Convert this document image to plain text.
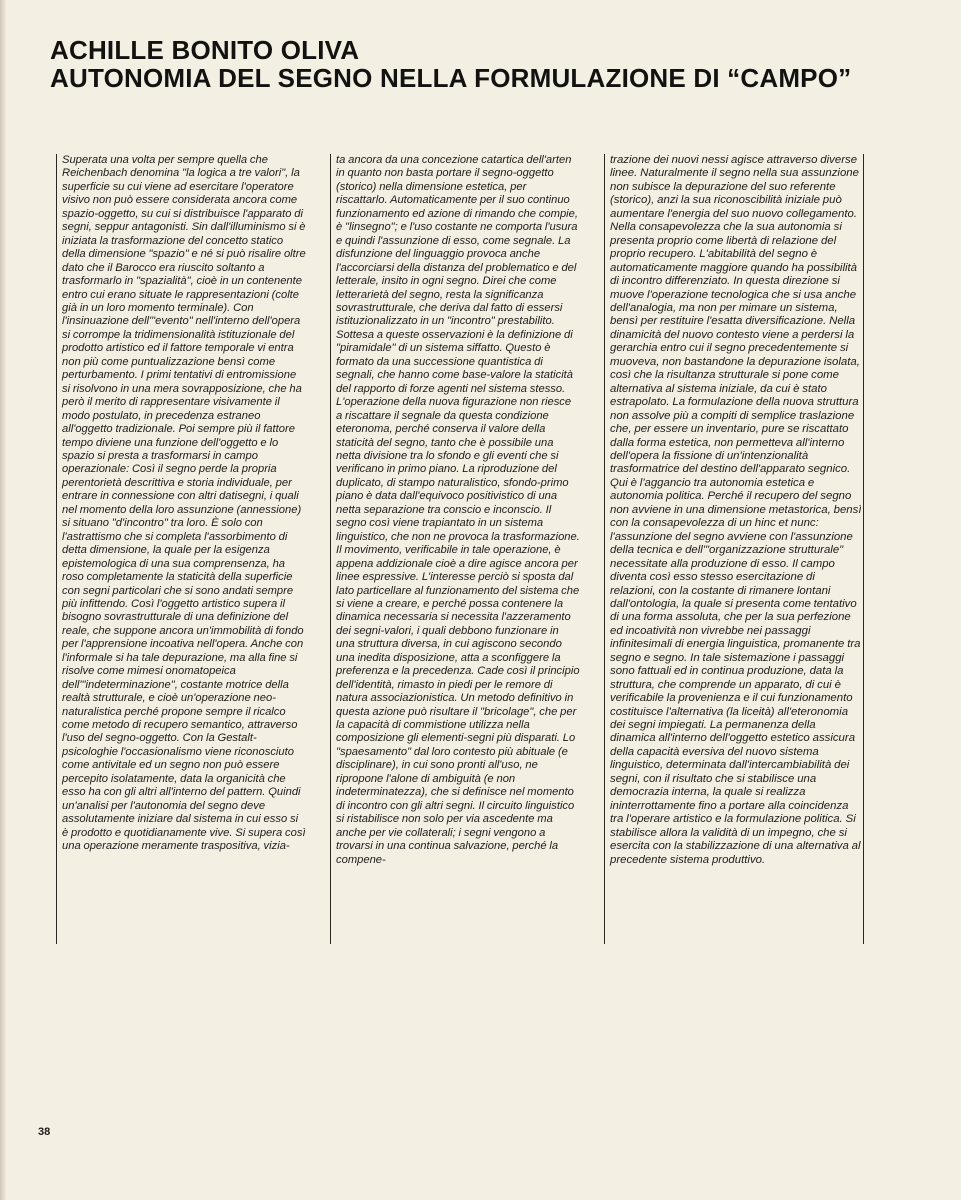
ACHILLE BONITO OLIVA
AUTONOMIA DEL SEGNO NELLA FORMULAZIONE DI “CAMPO”

Superata una volta per sempre quella che Reichenbach denomina "la logica a tre valori", la superficie su cui viene ad esercitare l'operatore visivo non può essere considerata ancora come spazio-oggetto, su cui si distribuisce l'apparato di segni, seppur antagonisti. Sin dall'illuminismo si è iniziata la trasformazione del concetto statico della dimensione "spazio" e né si può risalire oltre dato che il Barocco era riuscito soltanto a trasformarlo in "spazialità", cioè in un contenente entro cui erano situate le rappresentazioni (colte già in un loro momento terminale). Con l'insinuazione dell'"evento" nell'interno dell'opera si corrompe la tridimensionalità istituzionale del prodotto artistico ed il fattore temporale vi entra non più come puntualizzazione bensì come perturbamento. I primi tentativi di entromissione si risolvono in una mera sovrapposizione, che ha però il merito di rappresentare visivamente il modo postulato, in precedenza estraneo all'oggetto tradizionale. Poi sempre più il fattore tempo diviene una funzione dell'oggetto e lo spazio si presta a trasformarsi in campo operazionale: Così il segno perde la propria perentorietà descrittiva e storia individuale, per entrare in connessione con altri datisegni, i quali nel momento della loro assunzione (annessione) si situano "d'incontro" tra loro. È solo con l'astrattismo che si completa l'assorbimento di detta dimensione, la quale per la esigenza epistemologica di una sua comprensenza, ha roso completamente la staticità della superficie con segni particolari che si sono andati sempre più infittendo. Così l'oggetto artistico supera il bisogno sovrastrutturale di una definizione del reale, che suppone ancora un'immobilità di fondo per l'apprensione incoativa nell'opera. Anche con l'informale si ha tale depurazione, ma alla fine si risolve come mimesi onomatopeica dell'"indeterminazione", costante motrice della realtà strutturale, e cioè un'operazione neo-naturalistica perché propone sempre il ricalco come metodo di recupero semantico, attraverso l'uso del segno-oggetto. Con la Gestalt-psicologhie l'occasionalismo viene riconosciuto come antivitale ed un segno non può essere percepito isolatamente, data la organicità che esso ha con gli altri all'interno del pattern. Quindi un'analisi per l'autonomia del segno deve assolutamente iniziare dal sistema in cui esso si è prodotto e quotidianamente vive. Si supera così una operazione meramente traspositiva, vizia-

ta ancora da una concezione catartica dell'arten in quanto non basta portare il segno-oggetto (storico) nella dimensione estetica, per riscattarlo. Automaticamente per il suo continuo funzionamento ed azione di rimando che compie, è "linsegno"; e l'uso costante ne comporta l'usura e quindi l'assunzione di esso, come segnale. La disfunzione del linguaggio provoca anche l'accorciarsi della distanza del problematico e del letterale, insito in ogni segno. Direi che come letterarietà del segno, resta la significanza sovrastrutturale, che deriva dal fatto di essersi istituzionalizzato in un "incontro" prestabilito. Sottesa a queste osservazioni è la definizione di "piramidale" di un sistema siffatto. Questo è formato da una successione quantistica di segnali, che hanno come base-valore la staticità del rapporto di forze agenti nel sistema stesso. L'operazione della nuova figurazione non riesce a riscattare il segnale da questa condizione eteronoma, perché conserva il valore della staticità del segno, tanto che è possibile una netta divisione tra lo sfondo e gli eventi che si verificano in primo piano. La riproduzione del duplicato, di stampo naturalistico, sfondo-primo piano è data dall'equivoco positivistico di una netta separazione tra conscio e inconscio. Il segno così viene trapiantato in un sistema linguistico, che non ne provoca la trasformazione. Il movimento, verificabile in tale operazione, è appena addizionale cioè a dire agisce ancora per linee espressive. L'interesse perciò si sposta dal lato particellare al funzionamento del sistema che si viene a creare, e perché possa contenere la dinamica necessaria si necessita l'azzeramento dei segni-valori, i quali debbono funzionare in una struttura diversa, in cui agiscono secondo una inedita disposizione, atta a sconfiggere la preferenza e la precedenza. Cade così il principio dell'identità, rimasto in piedi per le remore di natura associazionistica. Un metodo definitivo in questa azione può risultare il "bricolage", che per la capacità di commistione utilizza nella composizione gli elementi-segni più disparati. Lo "spaesamento" dal loro contesto più abituale (e disciplinare), in cui sono pronti all'uso, ne ripropone l'alone di ambiguità (e non indeterminatezza), che si definisce nel momento di incontro con gli altri segni. Il circuito linguistico si ristabilisce non solo per via ascedente ma anche per vie collaterali; i segni vengono a trovarsi in una continua salvazione, perché la compene-

trazione dei nuovi nessi agisce attraverso diverse linee. Naturalmente il segno nella sua assunzione non subisce la depurazione del suo referente (storico), anzi la sua riconoscibilità iniziale può aumentare l'energia del suo nuovo collegamento. Nella consapevolezza che la sua autonomia si presenta proprio come libertà di relazione del proprio recupero. L'abitabilità del segno è automaticamente maggiore quando ha possibilità di incontro differenziato. In questa direzione si muove l'operazione tecnologica che si usa anche dell'analogia, ma non per mimare un sistema, bensì per restituire l'esatta diversificazione. Nella dinamicità del nuovo contesto viene a perdersi la gerarchia entro cui il segno precedentemente si muoveva, non bastandone la depurazione isolata, così che la risultanza strutturale si pone come alternativa al sistema iniziale, da cui è stato estrapolato. La formulazione della nuova struttura non assolve più a compiti di semplice traslazione che, per essere un inventario, pure se riscattato dalla forma estetica, non permetteva all'interno dell'opera la fissione di un'intenzionalità trasformatrice del destino dell'apparato segnico. Qui è l'aggancio tra autonomia estetica e autonomia politica. Perché il recupero del segno non avviene in una dimensione metastorica, bensì con la consapevolezza di un hinc et nunc: l'assunzione del segno avviene con l'assunzione della tecnica e dell'"organizzazione strutturale" necessitate alla produzione di esso. Il campo diventa così esso stesso esercitazione di relazioni, con la costante di rimanere lontani dall'ontologia, la quale si presenta come tentativo di una forma assoluta, che per la sua perfezione ed incoatività non vivrebbe nei passaggi infinitesimali di energia linguistica, promanente tra segno e segno. In tale sistemazione i passaggi sono fattuali ed in continua produzione, data la struttura, che comprende un apparato, di cui è verificabile la provenienza e il cui funzionamento costituisce l'alternativa (la liceità) all'eteronomia dei segni impiegati. La permanenza della dinamica all'interno dell'oggetto estetico assicura della capacità eversiva del nuovo sistema linguistico, determinata dall'intercambiabilità dei segni, con il risultato che si stabilisce una democrazia interna, la quale si realizza ininterrottamente fino a portare alla coincidenza tra l'operare artistico e la formulazione politica. Si stabilisce allora la validità di un impegno, che si esercita con la stabilizzazione di una alternativa al precedente sistema produttivo.

38
